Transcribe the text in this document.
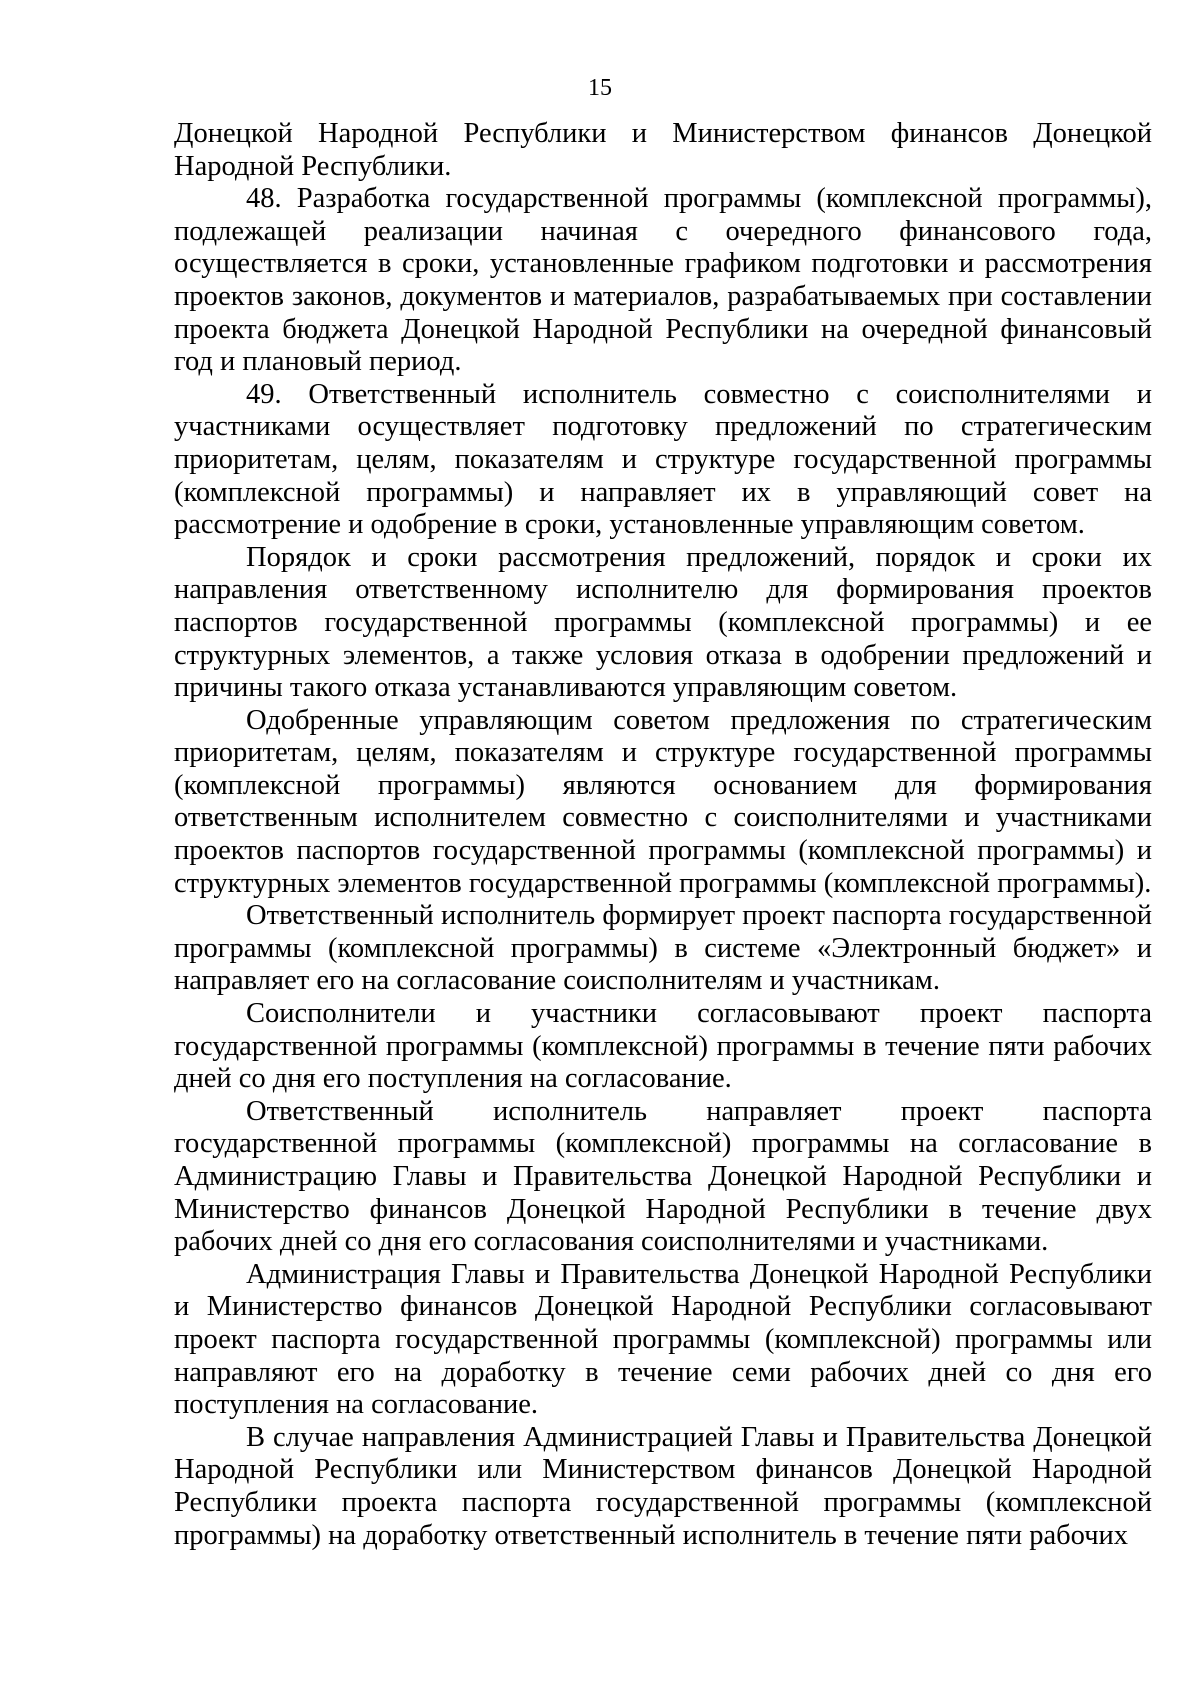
15

Донецкой Народной Республики и Министерством финансов Донецкой Народной Республики.

48. Разработка государственной программы (комплексной программы), подлежащей реализации начиная с очередного финансового года, осуществляется в сроки, установленные графиком подготовки и рассмотрения проектов законов, документов и материалов, разрабатываемых при составлении проекта бюджета Донецкой Народной Республики на очередной финансовый год и плановый период.

49. Ответственный исполнитель совместно с соисполнителями и участниками осуществляет подготовку предложений по стратегическим приоритетам, целям, показателям и структуре государственной программы (комплексной программы) и направляет их в управляющий совет на рассмотрение и одобрение в сроки, установленные управляющим советом.

Порядок и сроки рассмотрения предложений, порядок и сроки их направления ответственному исполнителю для формирования проектов паспортов государственной программы (комплексной программы) и ее структурных элементов, а также условия отказа в одобрении предложений и причины такого отказа устанавливаются управляющим советом.

Одобренные управляющим советом предложения по стратегическим приоритетам, целям, показателям и структуре государственной программы (комплексной программы) являются основанием для формирования ответственным исполнителем совместно с соисполнителями и участниками проектов паспортов государственной программы (комплексной программы) и структурных элементов государственной программы (комплексной программы).

Ответственный исполнитель формирует проект паспорта государственной программы (комплексной программы) в системе «Электронный бюджет» и направляет его на согласование соисполнителям и участникам.

Соисполнители и участники согласовывают проект паспорта государственной программы (комплексной) программы в течение пяти рабочих дней со дня его поступления на согласование.

Ответственный исполнитель направляет проект паспорта государственной программы (комплексной) программы на согласование в Администрацию Главы и Правительства Донецкой Народной Республики и Министерство финансов Донецкой Народной Республики в течение двух рабочих дней со дня его согласования соисполнителями и участниками.

Администрация Главы и Правительства Донецкой Народной Республики и Министерство финансов Донецкой Народной Республики согласовывают проект паспорта государственной программы (комплексной) программы или направляют его на доработку в течение семи рабочих дней со дня его поступления на согласование.

В случае направления Администрацией Главы и Правительства Донецкой Народной Республики или Министерством финансов Донецкой Народной Республики проекта паспорта государственной программы (комплексной программы) на доработку ответственный исполнитель в течение пяти рабочих
